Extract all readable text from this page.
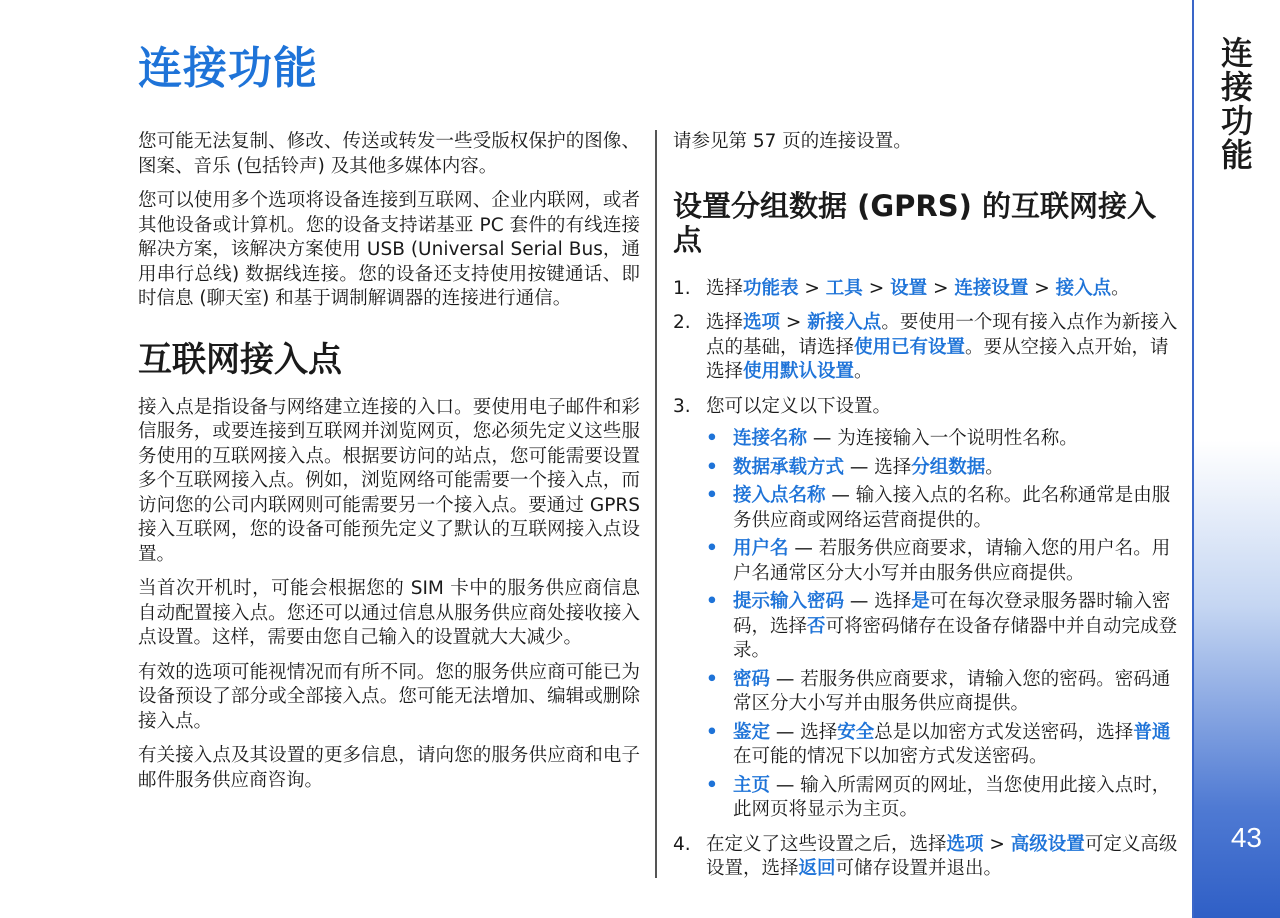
连接功能

您可能无法复制、修改、传送或转发一些受版权保护的图像、图案、音乐 (包括铃声) 及其他多媒体内容。

您可以使用多个选项将设备连接到互联网、企业内联网，或者其他设备或计算机。您的设备支持诺基亚 PC 套件的有线连接解决方案，该解决方案使用 USB (Universal Serial Bus，通用串行总线) 数据线连接。您的设备还支持使用按键通话、即时信息 (聊天室) 和基于调制解调器的连接进行通信。

互联网接入点

接入点是指设备与网络建立连接的入口。要使用电子邮件和彩信服务，或要连接到互联网并浏览网页，您必须先定义这些服务使用的互联网接入点。根据要访问的站点，您可能需要设置多个互联网接入点。例如，浏览网络可能需要一个接入点，而访问您的公司内联网则可能需要另一个接入点。要通过 GPRS 接入互联网，您的设备可能预先定义了默认的互联网接入点设置。

当首次开机时，可能会根据您的 SIM 卡中的服务供应商信息自动配置接入点。您还可以通过信息从服务供应商处接收接入点设置。这样，需要由您自己输入的设置就大大减少。

有效的选项可能视情况而有所不同。您的服务供应商可能已为设备预设了部分或全部接入点。您可能无法增加、编辑或删除接入点。

有关接入点及其设置的更多信息，请向您的服务供应商和电子邮件服务供应商咨询。

请参见第 57 页的连接设置。

设置分组数据 (GPRS) 的互联网接入点
1. 选择功能表 > 工具 > 设置 > 连接设置 > 接入点。
2. 选择选项 > 新接入点。要使用一个现有接入点作为新接入点的基础，请选择使用已有设置。要从空接入点开始，请选择使用默认设置。
3. 您可以定义以下设置。
• 连接名称 — 为连接输入一个说明性名称。
• 数据承载方式 — 选择分组数据。
• 接入点名称 — 输入接入点的名称。此名称通常是由服务供应商或网络运营商提供的。
• 用户名 — 若服务供应商要求，请输入您的用户名。用户名通常区分大小写并由服务供应商提供。
• 提示输入密码 — 选择是可在每次登录服务器时输入密码，选择否可将密码储存在设备存储器中并自动完成登录。
• 密码 — 若服务供应商要求，请输入您的密码。密码通常区分大小写并由服务供应商提供。
• 鉴定 — 选择安全总是以加密方式发送密码，选择普通在可能的情况下以加密方式发送密码。
• 主页 — 输入所需网页的网址，当您使用此接入点时，此网页将显示为主页。
4. 在定义了这些设置之后，选择选项 > 高级设置可定义高级设置，选择返回可储存设置并退出。
连接功能
43
